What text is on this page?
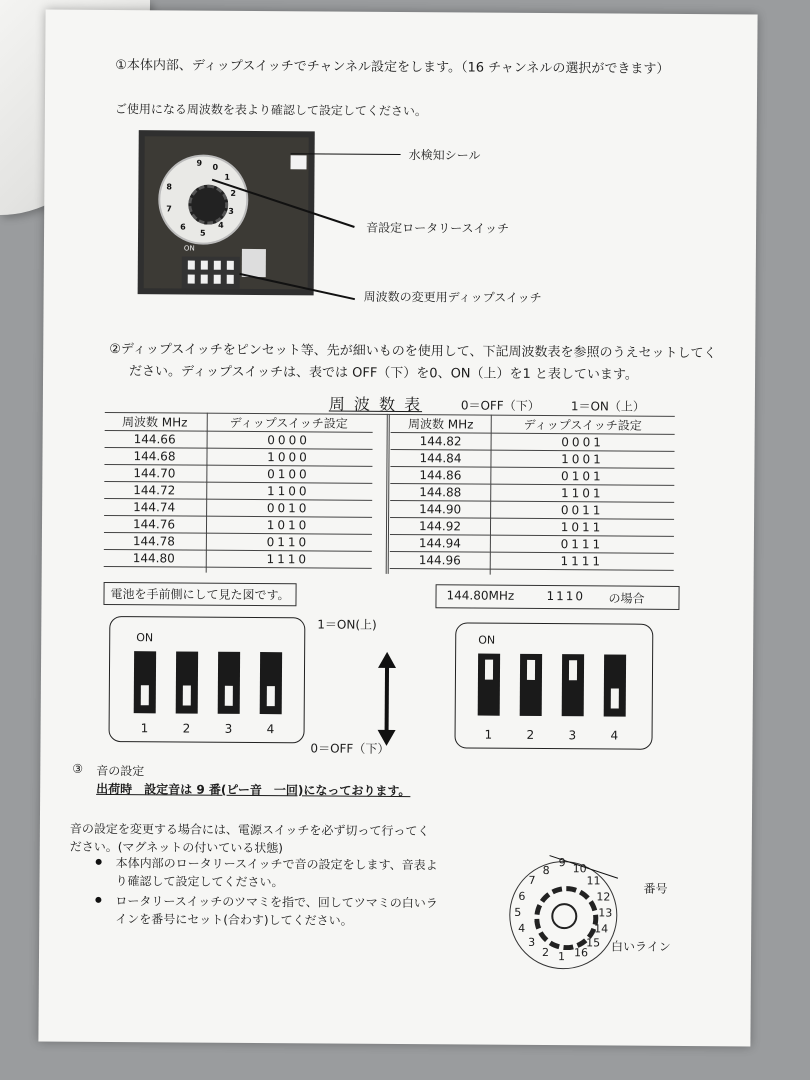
①本体内部、ディップスイッチでチャンネル設定をします。（16 チャンネルの選択ができます）
ご使用になる周波数を表より確認して設定してください。
9 0
1
2
3
4
5
6
7
8
ON
水検知シール
音設定ロータリースイッチ
周波数の変更用ディップスイッチ
②ディップスイッチをピンセット等、先が細いものを使用して、下記周波数表を参照のうえセットしてく
ださい。ディップスイッチは、表では OFF（下）を0、ON（上）を1 と表しています。
周 波 数 表	0＝OFF（下）	1＝ON（上）
周波数 MHz	ディップスイッチ設定
144.66	0000
144.68	1000
144.70	0100
144.72	1100
144.74	0010
144.76	1010
144.78	0110
144.80	1110
周波数 MHz	ディップスイッチ設定
144.82	0001
144.84	1001
144.86	0101
144.88	1101
144.90	0011
144.92	1011
144.94	0111
144.96	1111
電池を手前側にして見た図です。	144.80MHz	1110 の場合
ON
1	2	3	4
1＝ON(上)
0＝OFF（下）
ON
1	2	3	4
③ 音の設定
出荷時　設定音は 9 番(ピー音　一回)になっております。
音の設定を変更する場合には、電源スイッチを必ず切って行ってく
ださい。(マグネットの付いている状態)
本体内部のロータリースイッチで音の設定をします、音表よ
り確認して設定してください。
ロータリースイッチのツマミを指で、回してツマミの白いラ
インを番号にセット(合わす)してください。
9 10
11
12
13
14
15
16
1
2
3
4
5
6
7
8
番号
白いライン
